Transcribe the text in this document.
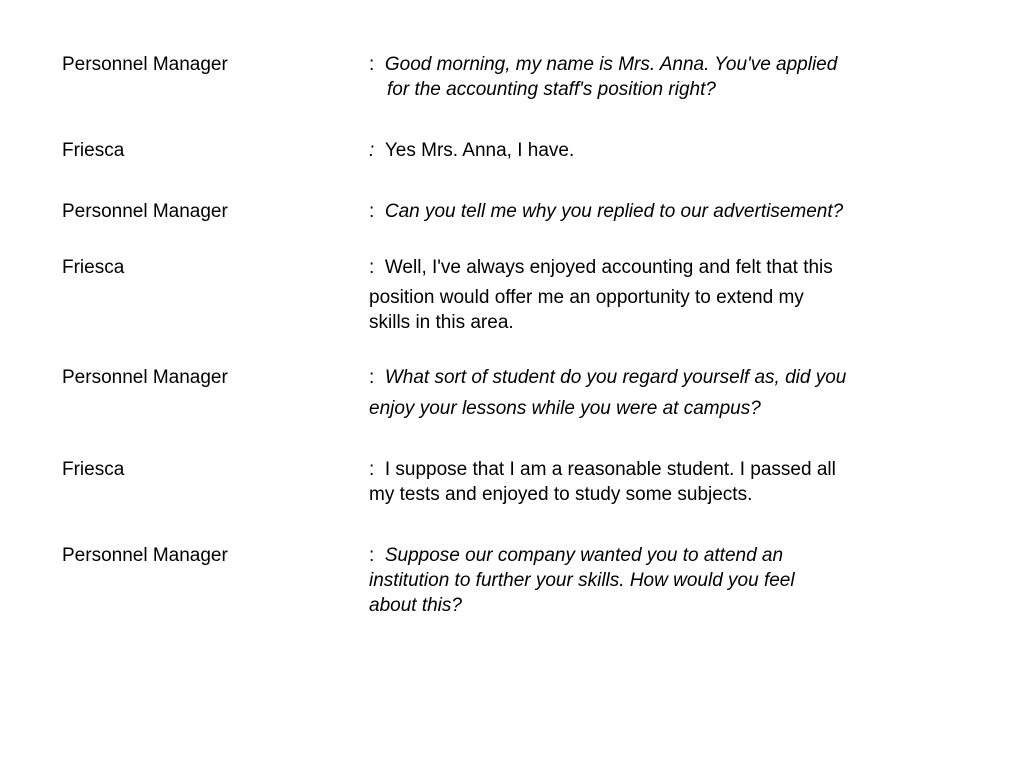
Personnel Manager	: Good morning, my name is Mrs. Anna. You've applied
for the accounting staff's position right?
Friesca	: Yes Mrs. Anna, I have.
Personnel Manager	: Can you tell me why you replied to our advertisement?
Friesca	: Well, I've always enjoyed accounting and felt that this
position would offer me an opportunity to extend my
skills in this area.
Personnel Manager	: What sort of student do you regard yourself as, did you
enjoy your lessons while you were at campus?
Friesca	: I suppose that I am a reasonable student. I passed all
my tests and enjoyed to study some subjects.
Personnel Manager	: Suppose our company wanted you to attend an
institution to further your skills. How would you feel
about this?
